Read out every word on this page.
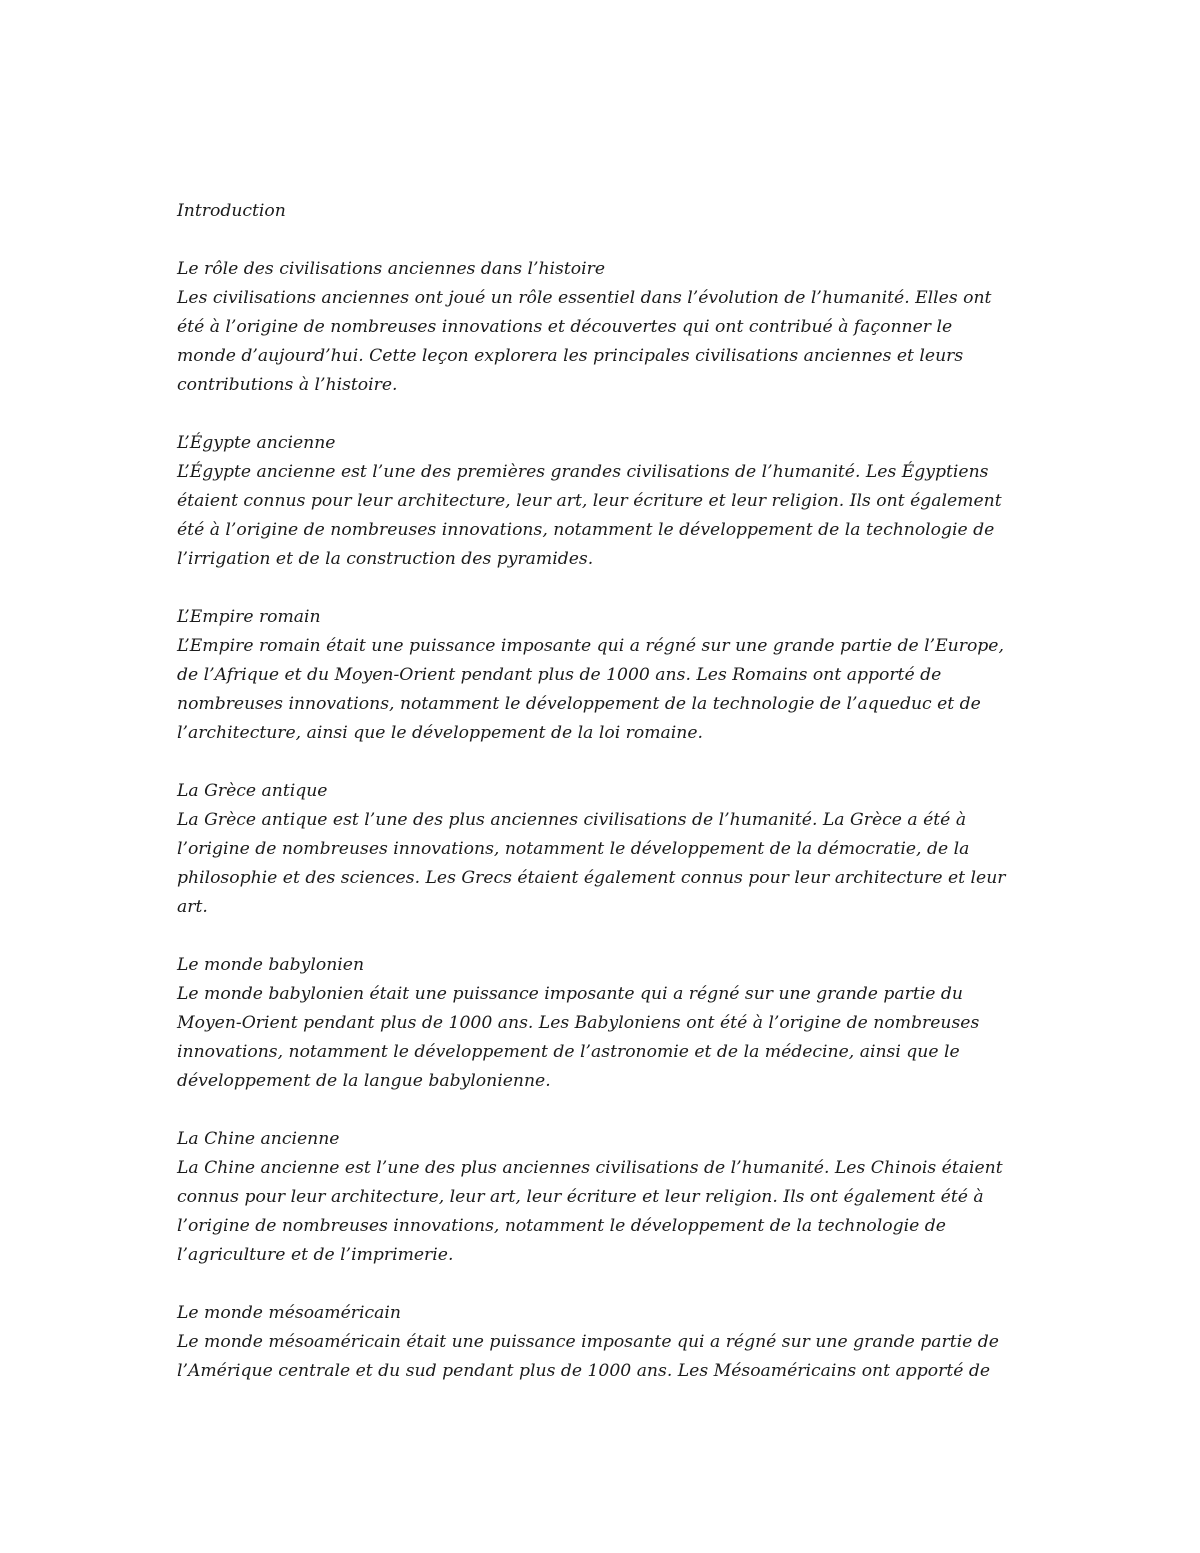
Introduction

Le rôle des civilisations anciennes dans l’histoire

Les civilisations anciennes ont joué un rôle essentiel dans l’évolution de l’humanité. Elles ont

été à l’origine de nombreuses innovations et découvertes qui ont contribué à façonner le

monde d’aujourd’hui. Cette leçon explorera les principales civilisations anciennes et leurs

contributions à l’histoire.

L’Égypte ancienne

L’Égypte ancienne est l’une des premières grandes civilisations de l’humanité. Les Égyptiens

étaient connus pour leur architecture, leur art, leur écriture et leur religion. Ils ont également

été à l’origine de nombreuses innovations, notamment le développement de la technologie de

l’irrigation et de la construction des pyramides.

L’Empire romain

L’Empire romain était une puissance imposante qui a régné sur une grande partie de l’Europe,

de l’Afrique et du Moyen-Orient pendant plus de 1000 ans. Les Romains ont apporté de

nombreuses innovations, notamment le développement de la technologie de l’aqueduc et de

l’architecture, ainsi que le développement de la loi romaine.

La Grèce antique

La Grèce antique est l’une des plus anciennes civilisations de l’humanité. La Grèce a été à

l’origine de nombreuses innovations, notamment le développement de la démocratie, de la

philosophie et des sciences. Les Grecs étaient également connus pour leur architecture et leur

art.

Le monde babylonien

Le monde babylonien était une puissance imposante qui a régné sur une grande partie du

Moyen-Orient pendant plus de 1000 ans. Les Babyloniens ont été à l’origine de nombreuses

innovations, notamment le développement de l’astronomie et de la médecine, ainsi que le

développement de la langue babylonienne.

La Chine ancienne

La Chine ancienne est l’une des plus anciennes civilisations de l’humanité. Les Chinois étaient

connus pour leur architecture, leur art, leur écriture et leur religion. Ils ont également été à

l’origine de nombreuses innovations, notamment le développement de la technologie de

l’agriculture et de l’imprimerie.

Le monde mésoaméricain

Le monde mésoaméricain était une puissance imposante qui a régné sur une grande partie de

l’Amérique centrale et du sud pendant plus de 1000 ans. Les Mésoaméricains ont apporté de
